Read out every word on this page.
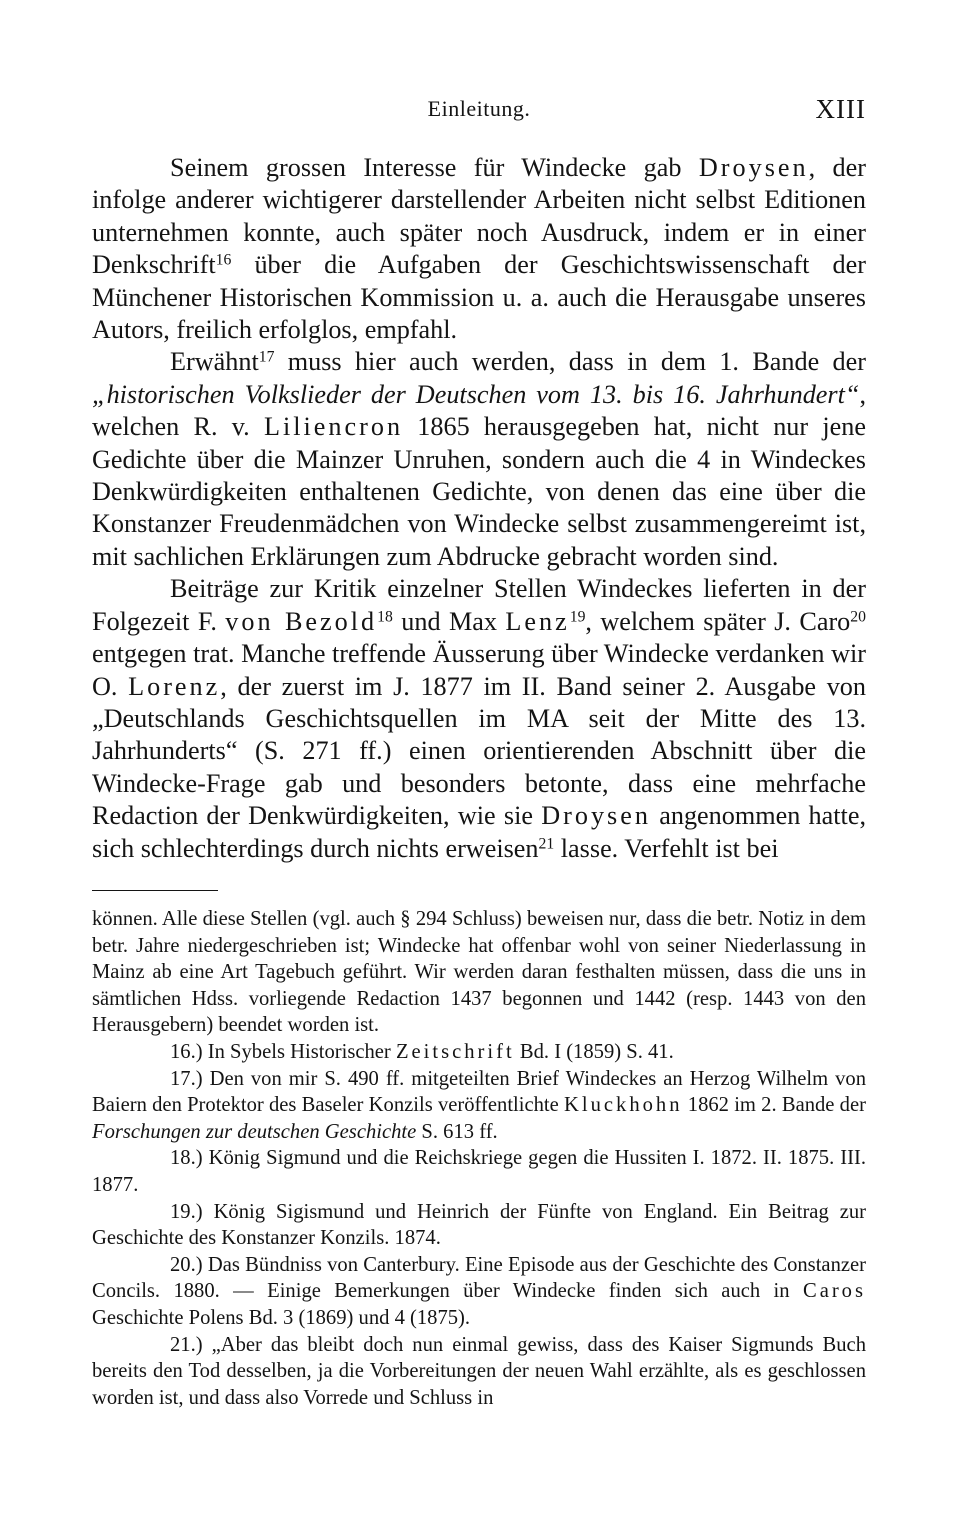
Einleitung.	XIII

Seinem grossen Interesse für Windecke gab Droysen, der infolge anderer wichtigerer darstellender Arbeiten nicht selbst Editionen unternehmen konnte, auch später noch Ausdruck, indem er in einer Denkschrift$^{16}$ über die Aufgaben der Geschichtswissenschaft der Münchener Historischen Kommission u. a. auch die Herausgabe unseres Autors, freilich erfolglos, empfahl.

Erwähnt$^{17}$ muss hier auch werden, dass in dem 1. Bande der „historischen Volkslieder der Deutschen vom 13. bis 16. Jahrhundert“, welchen R. v. Liliencron 1865 herausgegeben hat, nicht nur jene Gedichte über die Mainzer Unruhen, sondern auch die 4 in Windeckes Denkwürdigkeiten enthaltenen Gedichte, von denen das eine über die Konstanzer Freudenmädchen von Windecke selbst zusammengereimt ist, mit sachlichen Erklärungen zum Abdrucke gebracht worden sind.

Beiträge zur Kritik einzelner Stellen Windeckes lieferten in der Folgezeit F. von Bezold$^{18}$ und Max Lenz$^{19}$, welchem später J. Caro$^{20}$ entgegen trat. Manche treffende Äusserung über Windecke verdanken wir O. Lorenz, der zuerst im J. 1877 im II. Band seiner 2. Ausgabe von „Deutschlands Geschichtsquellen im MA seit der Mitte des 13. Jahrhunderts“ (S. 271 ff.) einen orientierenden Abschnitt über die Windecke-Frage gab und besonders betonte, dass eine mehrfache Redaction der Denkwürdigkeiten, wie sie Droysen angenommen hatte, sich schlechterdings durch nichts erweisen$^{21}$ lasse. Verfehlt ist bei

können. Alle diese Stellen (vgl. auch § 294 Schluss) beweisen nur, dass die betr. Notiz in dem betr. Jahre niedergeschrieben ist; Windecke hat offenbar wohl von seiner Niederlassung in Mainz ab eine Art Tagebuch geführt. Wir werden daran festhalten müssen, dass die uns in sämtlichen Hdss. vorliegende Redaction 1437 begonnen und 1442 (resp. 1443 von den Herausgebern) beendet worden ist.

16.) In Sybels Historischer Zeitschrift Bd. I (1859) S. 41.

17.) Den von mir S. 490 ff. mitgeteilten Brief Windeckes an Herzog Wilhelm von Baiern den Protektor des Baseler Konzils veröffentlichte Kluckhohn 1862 im 2. Bande der Forschungen zur deutschen Geschichte S. 613 ff.

18.) König Sigmund und die Reichskriege gegen die Hussiten I. 1872. II. 1875. III. 1877.

19.) König Sigismund und Heinrich der Fünfte von England. Ein Beitrag zur Geschichte des Konstanzer Konzils. 1874.

20.) Das Bündniss von Canterbury. Eine Episode aus der Geschichte des Constanzer Concils. 1880. — Einige Bemerkungen über Windecke finden sich auch in Caros Geschichte Polens Bd. 3 (1869) und 4 (1875).

21.) „Aber das bleibt doch nun einmal gewiss, dass des Kaiser Sigmunds Buch bereits den Tod desselben, ja die Vorbereitungen der neuen Wahl erzählte, als es geschlossen worden ist, und dass also Vorrede und Schluss in
